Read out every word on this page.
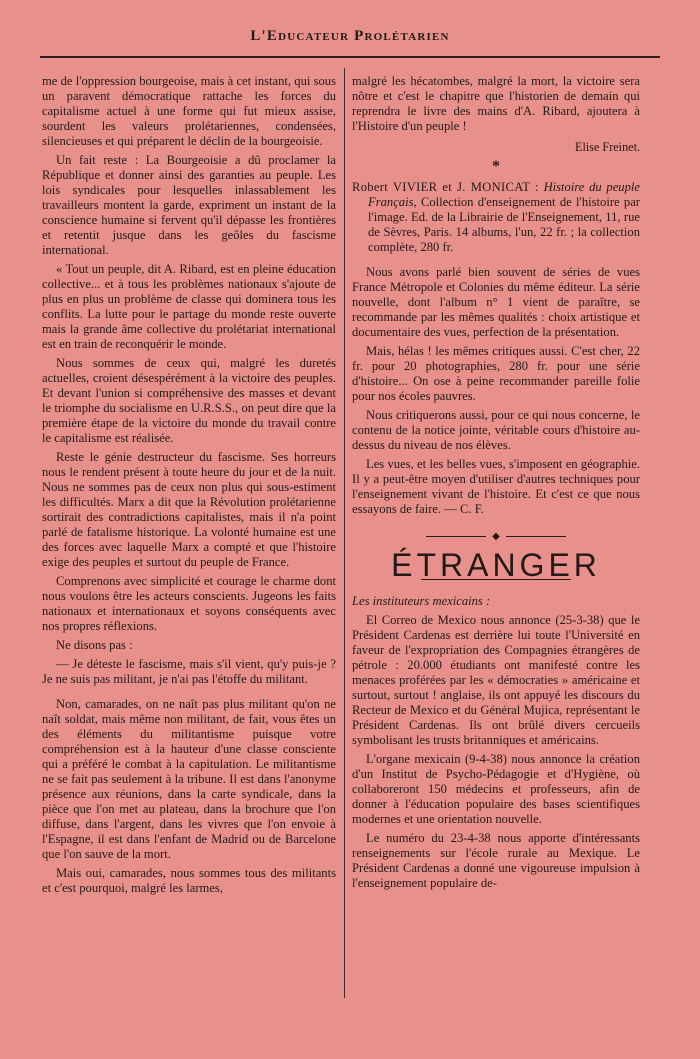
L'Educateur Prolétarien

me de l'oppression bourgeoise, mais à cet instant, qui sous un paravent démocratique rattache les forces du capitalisme actuel à une forme qui fut mieux assise, sourdent les valeurs prolétariennes, condensées, silencieuses et qui préparent le déclin de la bourgeoisie.

Un fait reste : La Bourgeoisie a dû proclamer la République et donner ainsi des garanties au peuple. Les lois syndicales pour lesquelles inlassablement les travailleurs montent la garde, expriment un instant de la conscience humaine si fervent qu'il dépasse les frontières et retentit jusque dans les geôles du fascisme international.

« Tout un peuple, dit A. Ribard, est en pleine éducation collective... et à tous les problèmes nationaux s'ajoute de plus en plus un problème de classe qui dominera tous les conflits. La lutte pour le partage du monde reste ouverte mais la grande âme collective du prolétariat international est en train de reconquérir le monde.

Nous sommes de ceux qui, malgré les duretés actuelles, croient désespérément à la victoire des peuples. Et devant l'union si compréhensive des masses et devant le triomphe du socialisme en U.R.S.S., on peut dire que la première étape de la victoire du monde du travail contre le capitalisme est réalisée.

Reste le génie destructeur du fascisme. Ses horreurs nous le rendent présent à toute heure du jour et de la nuit. Nous ne sommes pas de ceux non plus qui sous-estiment les difficultés. Marx a dit que la Révolution prolétarienne sortirait des contradictions capitalistes, mais il n'a point parlé de fatalisme historique. La volonté humaine est une des forces avec laquelle Marx a compté et que l'histoire exige des peuples et surtout du peuple de France.

Comprenons avec simplicité et courage le charme dont nous voulons être les acteurs conscients. Jugeons les faits nationaux et internationaux et soyons conséquents avec nos propres réflexions.

Ne disons pas :

— Je déteste le fascisme, mais s'il vient, qu'y puis-je ? Je ne suis pas militant, je n'ai pas l'étoffe du militant.

Non, camarades, on ne naît pas plus militant qu'on ne naît soldat, mais même non militant, de fait, vous êtes un des éléments du militantisme puisque votre compréhension est à la hauteur d'une classe consciente qui a préféré le combat à la capitulation. Le militantisme ne se fait pas seulement à la tribune. Il est dans l'anonyme présence aux réunions, dans la carte syndicale, dans la pièce que l'on met au plateau, dans la brochure que l'on diffuse, dans l'argent, dans les vivres que l'on envoie à l'Espagne, il est dans l'enfant de Madrid ou de Barcelone que l'on sauve de la mort.

Mais oui, camarades, nous sommes tous des militants et c'est pourquoi, malgré les larmes,

malgré les hécatombes, malgré la mort, la victoire sera nôtre et c'est le chapitre que l'historien de demain qui reprendra le livre des mains d'A. Ribard, ajoutera à l'Histoire d'un peuple !

Elise Freinet.

*

Robert VIVIER et J. MONICAT : Histoire du peuple Français, Collection d'enseignement de l'histoire par l'image. Ed. de la Librairie de l'Enseignement, 11, rue de Sèvres, Paris. 14 albums, l'un, 22 fr. ; la collection complète, 280 fr.

Nous avons parlé bien souvent de séries de vues France Métropole et Colonies du même éditeur. La série nouvelle, dont l'album n° 1 vient de paraître, se recommande par les mêmes qualités : choix artistique et documentaire des vues, perfection de la présentation.

Mais, hélas ! les mêmes critiques aussi. C'est cher, 22 fr. pour 20 photographies, 280 fr. pour une série d'histoire... On ose à peine recommander pareille folie pour nos écoles pauvres.

Nous critiquerons aussi, pour ce qui nous concerne, le contenu de la notice jointe, véritable cours d'histoire au-dessus du niveau de nos élèves.

Les vues, et les belles vues, s'imposent en géographie. Il y a peut-être moyen d'utiliser d'autres techniques pour l'enseignement vivant de l'histoire. Et c'est ce que nous essayons de faire. — C. F.

◆
ÉTRANGER

Les instituteurs mexicains :

El Correo de Mexico nous annonce (25-3-38) que le Président Cardenas est derrière lui toute l'Université en faveur de l'expropriation des Compagnies étrangères de pétrole : 20.000 étudiants ont manifesté contre les menaces proférées par les « démocraties » américaine et surtout, surtout ! anglaise, ils ont appuyé les discours du Recteur de Mexico et du Général Mujica, représentant le Président Cardenas. Ils ont brûlé divers cercueils symbolisant les trusts britanniques et américains.

L'organe mexicain (9-4-38) nous annonce la création d'un Institut de Psycho-Pédagogie et d'Hygiène, où collaboreront 150 médecins et professeurs, afin de donner à l'éducation populaire des bases scientifiques modernes et une orientation nouvelle.

Le numéro du 23-4-38 nous apporte d'intéressants renseignements sur l'école rurale au Mexique. Le Président Cardenas a donné une vigoureuse impulsion à l'enseignement populaire de-
